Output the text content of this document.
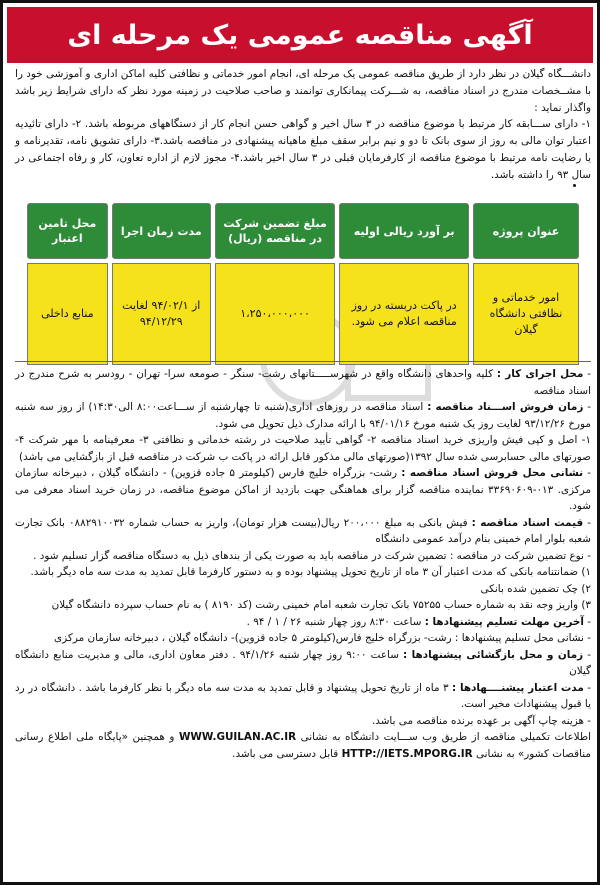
آگهی مناقصه عمومی یک مرحله ای

دانشـــگاه گیلان در نظر دارد از طریق مناقصه عمومی یک مرحله ای، انجام امور خدماتی و نظافتی کلیه اماکن اداری و آموزشی خود را با مشــخصات مندرج در اسناد مناقصه، به شـــرکت پیمانکاری توانمند و صاحب صلاحیت در زمینه مورد نظر که دارای شرایط زیر باشد واگذار نماید :

۱- دارای ســـابقه کار مرتبط با موضوع مناقصه در ۳ سال اخیر و گواهی حسن انجام کار از دستگاههای مربوطه باشد. ۲- دارای تائیدیه اعتبار توان مالی به روز از سوی بانک تا دو و نیم برابر سقف مبلغ ماهیانه پیشنهادی در مناقصه باشد.۳- دارای تشویق نامه، تقدیرنامه و یا رضایت نامه مرتبط با موضوع مناقصه از کارفرمایان قبلی در ۳ سال اخیر باشد.۴- مجوز لازم از اداره تعاون، کار و رفاه اجتماعی در سال ۹۳ را داشته باشد.

عنوان پروژه	بر آورد ریالی اولیه	مبلغ تضمین شرکت در مناقصه (ریال)	مدت زمان اجرا	محل تامین اعتبار
امور خدماتی و نظافتی دانشگاه گیلان	در پاکت دربسته در روز مناقصه اعلام می شود.	۱،۲۵۰،۰۰۰،۰۰۰	از ۹۴/۰۲/۱ لغایت ۹۴/۱۲/۲۹	منابع داخلی

- محل اجرای کار : کلیه واحدهای دانشگاه واقع در شهرســـــتانهای رشت- سنگر - صومعه سرا- تهران - رودسر به شرح مندرج در اسناد مناقصه

- زمان فروش اســـناد مناقصه : اسناد مناقصه در روزهای اداری(شنبه تا چهارشنبه از ســـاعت۸:۰۰ الی۱۴:۳۰) از روز سه شنبه مورخ ۹۳/۱۲/۲۶ لغایت روز یک شنبه مورخ ۹۴/۰۱/۱۶ با ارائه مدارک ذیل تحویل می شود.

۱- اصل و کپی فیش واریزی خرید اسناد مناقصه ۲- گواهی تأیید صلاحیت در رشته خدماتی و نظافتی ۳- معرفینامه با مهر شرکت ۴- صورتهای مالی حسابرسی شده سال ۱۳۹۲(صورتهای مالی مذکور قابل ارائه در پاکت ب شرکت در مناقصه قبل از بازگشایی می باشد)

- نشانی محل فروش اسناد مناقصه : رشت- بزرگراه خلیج فارس (کیلومتر ۵ جاده قزوین) - دانشگاه گیلان ، دبیرخانه سازمان مرکزی. ۰۱۳-۳۳۶۹۰۶۰۹ نماینده مناقصه گزار برای هماهنگی جهت بازدید از اماکن موضوع مناقصه، در زمان خرید اسناد معرفی می شود.

- قیمت اسناد مناقصه : فیش بانکی به مبلغ ۲۰۰،۰۰۰ ریال(بیست هزار تومان)، واریز به حساب شماره ۰۸۸۲۹۱۰۰۳۲ بانک تجارت شعبه بلوار امام خمینی بنام درآمد عمومی دانشگاه

- نوع تضمین شرکت در مناقصه : تضمین شرکت در مناقصه باید به صورت یکی از بندهای ذیل به دستگاه مناقصه گزار تسلیم شود .

۱) ضمانتنامه بانکی که مدت اعتبار آن ۳ ماه از تاریخ تحویل پیشنهاد بوده و به دستور کارفرما قابل تمدید به مدت سه ماه دیگر باشد.

۲) چک تضمین شده بانکی

۳) واریز وجه نقد به شماره حساب ۷۵۲۵۵ بانک تجارت شعبه امام خمینی رشت (کد ۸۱۹۰ ) به نام حساب سپرده دانشگاه گیلان

- آخرین مهلت تسلیم پیشنهادها : ساعت ۸:۳۰ روز چهار شنبه ۲۶ / ۱ / ۹۴ .

- نشانی محل تسلیم پیشنهادها : رشت- بزرگراه خلیج فارس(کیلومتر ۵ جاده قزوین)- دانشگاه گیلان ، دبیرخانه سازمان مرکزی

- زمان و محل بازگشائی پیشنهادها : ساعت ۹:۰۰ روز چهار شنبه ۹۴/۱/۲۶ . دفتر معاون اداری، مالی و مدیریت منابع دانشگاه گیلان

- مدت اعتبار پیشنــــهادها : ۳ ماه از تاریخ تحویل پیشنهاد و قابل تمدید به مدت سه ماه دیگر با نظر کارفرما باشد . دانشگاه در رد یا قبول پیشنهادات مخیر است.

- هزینه چاپ آگهی بر عهده برنده مناقصه می باشد.

اطلاعات تکمیلی مناقصه از طریق وب ســـایت دانشگاه به نشانی WWW.GUILAN.AC.IR و همچنین «پایگاه ملی اطلاع رسانی مناقصات کشور» به نشانی HTTP://IETS.MPORG.IR قابل دسترسی می باشد.
